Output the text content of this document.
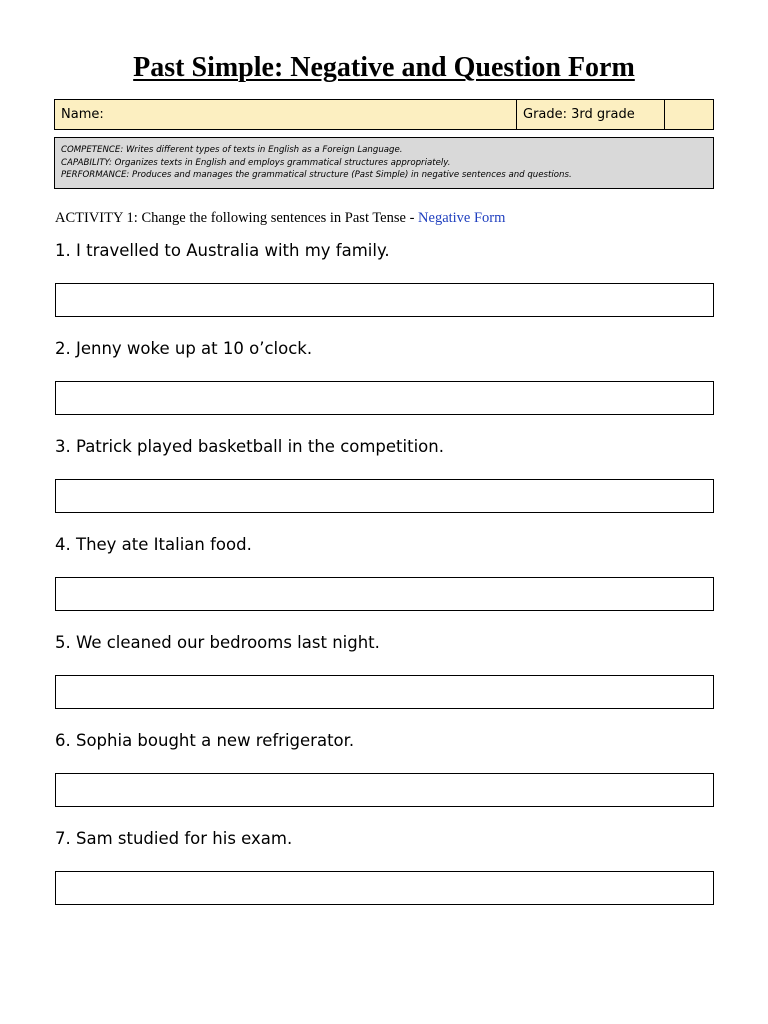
Past Simple: Negative and Question Form
Name:	Grade: 3rd grade
COMPETENCE: Writes different types of texts in English as a Foreign Language.
CAPABILITY: Organizes texts in English and employs grammatical structures appropriately.
PERFORMANCE: Produces and manages the grammatical structure (Past Simple) in negative sentences and questions.
ACTIVITY 1: Change the following sentences in Past Tense - Negative Form
1. I travelled to Australia with my family.
2. Jenny woke up at 10 o’clock.
3. Patrick played basketball in the competition.
4. They ate Italian food.
5. We cleaned our bedrooms last night.
6. Sophia bought a new refrigerator.
7. Sam studied for his exam.
